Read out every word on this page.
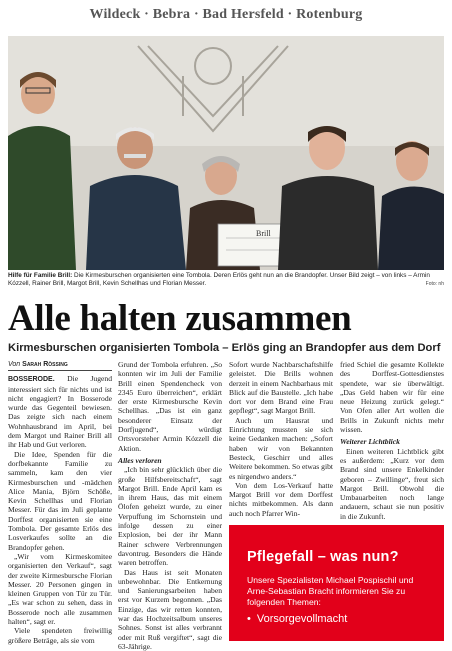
Wildeck · Bebra · Bad Hersfeld · Rotenburg
Brill
Hilfe für Familie Brill: Die Kirmesburschen organisierten eine Tombola. Deren Erlös geht nun an die Brandopfer. Unser Bild zeigt – von links – Armin Kózzell, Rainer Brill, Margot Brill, Kevin Schellhas und Florian Messer.	Foto: nh
Alle halten zusammen
Kirmesburschen organisierten Tombola – Erlös ging an Brandopfer aus dem Dorf
Von Sarah Rössing

BOSSERODE. Die Jugend interessiert sich für nichts und ist nicht engagiert? In Bosserode wurde das Gegenteil bewiesen. Das zeigte sich nach einem Wohnhausbrand im April, bei dem Margot und Rainer Brill all ihr Hab und Gut verloren.

Die Idee, Spenden für die dorfbekannte Familie zu sammeln, kam den vier Kirmesburschen und -mädchen Alice Mania, Björn Schöße, Kevin Schellhas und Florian Messer. Für das im Juli geplante Dorffest organisierten sie eine Tombola. Der gesamte Erlös des Losverkaufes sollte an die Brandopfer gehen.

„Wir vom Kirmeskomitee organisierten den Verkauf“, sagt der zweite Kirmesbursche Florian Messer. 20 Personen gingen in kleinen Gruppen von Tür zu Tür. „Es war schon zu sehen, dass in Bosserode noch alle zusammen halten“, sagt er.

Viele spendeten freiwillig größere Beträge, als sie vom

Grund der Tombola erfuhren. „So konnten wir im Juli der Familie Brill einen Spendencheck von 2345 Euro überreichen“, erklärt der erste Kirmesbursche Kevin Schellhas. „Das ist ein ganz besonderer Einsatz der Dorfjugend“, würdigt Ortsvorsteher Armin Kózzell die Aktion.

Alles verloren

„Ich bin sehr glücklich über die große Hilfsbereitschaft“, sagt Margot Brill. Ende April kam es in ihrem Haus, das mit einem Ölofen geheizt wurde, zu einer Verpuffung im Schornstein und infolge dessen zu einer Explosion, bei der ihr Mann Rainer schwere Verbrennungen davontrug. Besonders die Hände waren betroffen.

Das Haus ist seit Monaten unbewohnbar. Die Entkernung und Sanierungsarbeiten haben erst vor Kurzem begonnen. „Das Einzige, das wir retten konnten, war das Hochzeitsalbum unseres Sohnes. Sonst ist alles verbrannt oder mit Ruß vergiftet“, sagt die 63-Jährige.

Sofort wurde Nachbarschaftshilfe geleistet. Die Brills wohnen derzeit in einem Nachbarhaus mit Blick auf die Baustelle. „Ich habe dort vor dem Brand eine Frau gepflegt“, sagt Margot Brill.

Auch um Hausrat und Einrichtung mussten sie sich keine Gedanken machen: „Sofort haben wir von Bekannten Besteck, Geschirr und alles Weitere bekommen. So etwas gibt es nirgendwo anders.“

Von dem Los-Verkauf hatte Margot Brill vor dem Dorffest nichts mitbekommen. Als dann auch noch Pfarrer Win-

fried Schiel die gesamte Kollekte des Dorffest-Gottesdienstes spendete, war sie überwältigt. „Das Geld haben wir für eine neue Heizung zurück gelegt.“ Von Ofen aller Art wollen die Brills in Zukunft nichts mehr wissen.

Weiterer Lichtblick

Einen weiteren Lichtblick gibt es außerdem: „Kurz vor dem Brand sind unsere Enkelkinder geboren – Zwillinge“, freut sich Margot Brill. Obwohl die Umbauarbeiten noch lange andauern, schaut sie nun positiv in die Zukunft.

Pflegefall – was nun?
Unsere Spezialisten Michael Pospischil und Arne-Sebastian Bracht informieren Sie zu folgenden Themen:
• Vorsorgevollmacht
